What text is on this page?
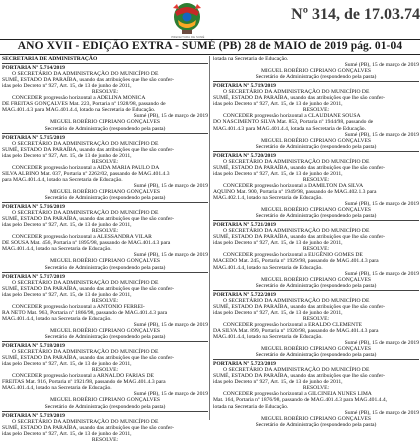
PREFEITURA DE SUMÉ
Nº 314, de 17.03.74
ANO XVII - EDIÇÃO EXTRA - SUMÉ (PB) 28 de MAIO de 2019 pág. 01-04
SECRETARIA DE ADMINISTRAÇÃO
PORTARIA Nº 5.714/2019
O SECRETÁRIO DA ADMINISTRAÇÃO DO MUNICÍPIO DE
SUMÉ, ESTADO DA PARAÍBA, usando das atribuições que lhe são confer-
idas pelo Decreto nº 927, Art. 15, de 13 de junho de 2011,
RESOLVE:
CONCEDER progressão horizontal a ADELINA MONICA
DE FREITAS GONÇALVES Mat. 223, Portaria nº 1928/98, passando de
MAG.401.4.3 para MAG.401.4.4, lotado na Secretaria de Educação.
Sumé (PB), 15 de março de 2019
MIGUEL ROBÉRIO CIPRIANO GONÇALVES
Secretário de Administração (respondendo pela pasta)
PORTARIA Nº 5.715/2019
O SECRETÁRIO DA ADMINISTRAÇÃO DO MUNICÍPIO DE
SUMÉ, ESTADO DA PARAÍBA, usando das atribuições que lhe são confer-
idas pelo Decreto nº 927, Art. 15, de 13 de junho de 2011,
RESOLVE:
CONCEDER progressão horizontal a AIDA MARIA PAULO DA
SILVA ALBINO Mat. 037, Portaria nº 2262/02, passando de MAG.401.4.3
para MAG.401.4.4, lotado na Secretaria de Educação.
Sumé (PB), 15 de março de 2019
MIGUEL ROBÉRIO CIPRIANO GONÇALVES
Secretário de Administração (respondendo pela pasta)
PORTARIA Nº 5.716/2019
O SECRETÁRIO DA ADMINISTRAÇÃO DO MUNICÍPIO DE
SUMÉ, ESTADO DA PARAÍBA, usando das atribuições que lhe são confer-
idas pelo Decreto nº 927, Art. 15, de 13 de junho de 2011,
RESOLVE:
CONCEDER progressão horizontal a ALESSANDRA VILAR
DE SOUSA Mat. 456, Portaria nº 1895/98, passando de MAG.401.4.3 para
MAG.401.4.4, lotado na Secretaria de Educação.
Sumé (PB), 15 de março de 2019
MIGUEL ROBÉRIO CIPRIANO GONÇALVES
Secretário de Administração (respondendo pela pasta)
PORTARIA Nº 5.717/2019
O SECRETÁRIO DA ADMINISTRAÇÃO DO MUNICÍPIO DE
SUMÉ, ESTADO DA PARAÍBA, usando das atribuições que lhe são confer-
idas pelo Decreto nº 927, Art. 15, de 13 de junho de 2011,
RESOLVE:
CONCEDER progressão horizontal a ANTONIO FERREI-
RA NETO Mat. 963, Portaria nº 1866/98, passando de MAG.401.4.3 para
MAG.401.4.4, lotado na Secretaria de Educação.
Sumé (PB), 15 de março de 2019
MIGUEL ROBÉRIO CIPRIANO GONÇALVES
Secretário de Administração (respondendo pela pasta)
PORTARIA Nº 5.718/2019
O SECRETÁRIO DA ADMINISTRAÇÃO DO MUNICÍPIO DE
SUMÉ, ESTADO DA PARAÍBA, usando das atribuições que lhe são confer-
idas pelo Decreto nº 927, Art. 15, de 13 de junho de 2011,
RESOLVE:
CONCEDER progressão horizontal a ARNALDO FARIAS DE
FREITAS Mat. 916, Portaria nº 1921/98, passando de MAG.401.4.3 para
MAG.401.4.4, lotado na Secretaria de Educação.
Sumé (PB), 15 de março de 2019
MIGUEL ROBÉRIO CIPRIANO GONÇALVES
Secretário de Administração (respondendo pela pasta)
PORTARIA Nº 5.719/2019
O SECRETÁRIO DA ADMINISTRAÇÃO DO MUNICÍPIO DE
SUMÉ, ESTADO DA PARAÍBA, usando das atribuições que lhe são confer-
idas pelo Decreto nº 927, Art. 15, de 13 de junho de 2011,
RESOLVE:
lotada na Secretaria de Educação.
Sumé (PB), 15 de março de 2019
MIGUEL ROBÉRIO CIPRIANO GONÇALVES
Secretário de Administração (respondendo pela pasta)
PORTARIA Nº 5.719/2019
O SECRETÁRIO DA ADMINISTRAÇÃO DO MUNICÍPIO DE
SUMÉ, ESTADO DA PARAÍBA, usando das atribuições que lhe são confer-
idas pelo Decreto nº 927, Art. 15, de 13 de junho de 2011,
RESOLVE:
CONCEDER progressão horizontal a CLAUDIANE SOUSA
DO NASCIMENTO SILVA Mat. 853, Portaria nº 1944/98, passando de
MAG.401.4.3 para MAG.401.4.4, lotada na Secretaria de Educação.
Sumé (PB), 15 de março de 2019
MIGUEL ROBÉRIO CIPRIANO GONÇALVES
Secretário de Administração (respondendo pela pasta)
PORTARIA Nº 5.720/2019
O SECRETÁRIO DA ADMINISTRAÇÃO DO MUNICÍPIO DE
SUMÉ, ESTADO DA PARAÍBA, usando das atribuições que lhe são confer-
idas pelo Decreto nº 927, Art. 15, de 13 de junho de 2011,
RESOLVE:
CONCEDER progressão horizontal a DAMILTON DA SILVA
AQUINO Mat. 900, Portaria nº 1949/98, passando de MAG.402.1.3 para
MAG.402.1.4, lotado na Secretaria de Educação.
Sumé (PB), 15 de março de 2019
MIGUEL ROBÉRIO CIPRIANO GONÇALVES
Secretário de Administração (respondendo pela pasta)
PORTARIA Nº 5.721/2019
O SECRETÁRIO DA ADMINISTRAÇÃO DO MUNICÍPIO DE
SUMÉ, ESTADO DA PARAÍBA, usando das atribuições que lhe são confer-
idas pelo Decreto nº 927, Art. 15, de 13 de junho de 2011,
RESOLVE:
CONCEDER progressão horizontal a EUGÊNIO GOMES DE
MACEDO Mat. 245, Portaria nº 1929/98, passando de MAG.401.4.3 para
MAG.401.4.4, lotado na Secretaria de Educação.
Sumé (PB), 15 de março de 2019
MIGUEL ROBÉRIO CIPRIANO GONÇALVES
Secretário de Administração (respondendo pela pasta)
PORTARIA Nº 5.722/2019
O SECRETÁRIO DA ADMINISTRAÇÃO DO MUNICÍPIO DE
SUMÉ, ESTADO DA PARAÍBA, usando das atribuições que lhe são confer-
idas pelo Decreto nº 927, Art. 15, de 13 de junho de 2011,
RESOLVE:
CONCEDER progressão horizontal a ERALDO CLEMENTE
DA SILVA Mat. 899, Portaria nº 1920/98, passando de MAG.401.4.3 para
MAG.401.4.4, lotado na Secretaria de Educação.
Sumé (PB), 15 de março de 2019
MIGUEL ROBÉRIO CIPRIANO GONÇALVES
Secretário de Administração (respondendo pela pasta)
PORTARIA Nº 5.723/2019
O SECRETÁRIO DA ADMINISTRAÇÃO DO MUNICÍPIO DE
SUMÉ, ESTADO DA PARAÍBA, usando das atribuições que lhe são confer-
idas pelo Decreto nº 927, Art. 15, de 13 de junho de 2011,
RESOLVE:
CONCEDER progressão horizontal a GILCINEIA NUNES LIMA
Mat. 164, Portaria nº 1876/98, passando de MAG.401.4.3 para MAG.401.4.4,
lotada na Secretaria de Educação.
Sumé (PB), 15 de março de 2019
MIGUEL ROBÉRIO CIPRIANO GONÇALVES
Secretário de Administração (respondendo pela pasta)
